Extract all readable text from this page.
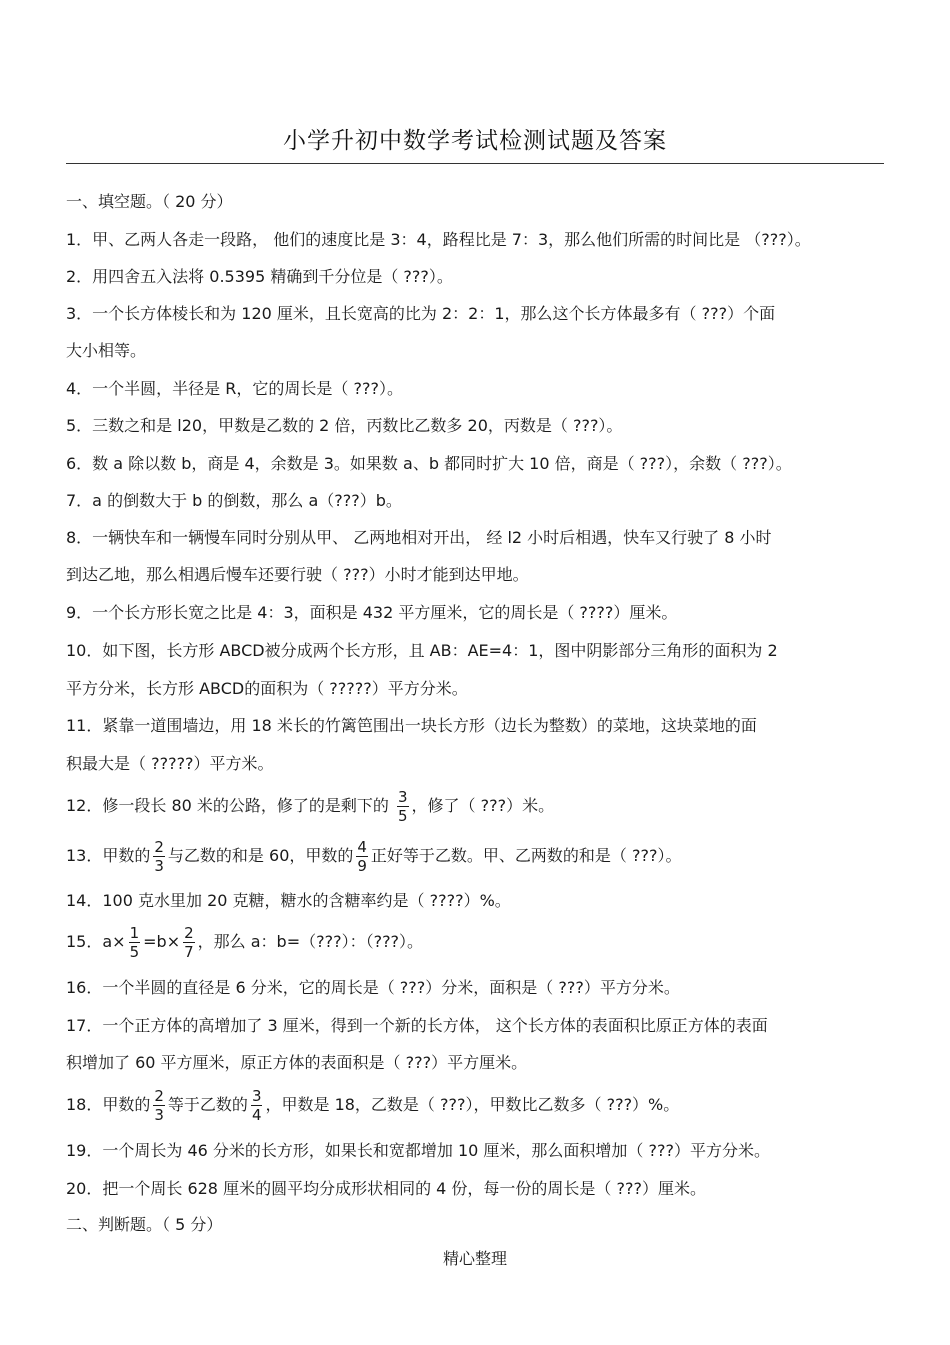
小学升初中数学考试检测试题及答案
一、填空题。（ 20 分）
1．甲、乙两人各走一段路， 他们的速度比是 3：4，路程比是 7：3，那么他们所需的时间比是 （???）。
2．用四舍五入法将 0.5395 精确到千分位是（ ???）。
3．一个长方体棱长和为 120 厘米，且长宽高的比为 2：2：1，那么这个长方体最多有（ ???）个面
大小相等。
4．一个半圆，半径是 R，它的周长是（ ???）。
5．三数之和是 l20，甲数是乙数的 2 倍，丙数比乙数多 20，丙数是（ ???）。
6．数 a 除以数 b，商是 4，余数是 3。如果数 a、b 都同时扩大 10 倍，商是（ ???），余数（ ???）。
7．a 的倒数大于 b 的倒数，那么 a（???）b。
8．一辆快车和一辆慢车同时分别从甲、 乙两地相对开出， 经 l2 小时后相遇，快车又行驶了 8 小时
到达乙地，那么相遇后慢车还要行驶（ ???）小时才能到达甲地。
9．一个长方形长宽之比是 4：3，面积是 432 平方厘米，它的周长是（ ????）厘米。
10．如下图，长方形 ABCD被分成两个长方形，且 AB：AE=4：1，图中阴影部分三角形的面积为 2
平方分米，长方形 ABCD的面积为（ ?????）平方分米。
11．紧靠一道围墙边，用 18 米长的竹篱笆围出一块长方形（边长为整数）的菜地，这块菜地的面
积最大是（ ?????）平方米。
12．修一段长 80 米的公路，修了的是剩下的 $\frac{3}{5}$ ，修了（ ???）米。
13．甲数的 $\frac{2}{3}$ 与乙数的和是 60，甲数的 $\frac{4}{9}$ 正好等于乙数。甲、乙两数的和是（ ???）。
14．100 克水里加 20 克糖，糖水的含糖率约是（ ????）%。
15．$a\times \frac{1}{5} =b\times \frac{2}{7}$ ，那么 a：b=（???）：（???）。
16．一个半圆的直径是 6 分米，它的周长是（ ???）分米，面积是（ ???）平方分米。
17．一个正方体的高增加了 3 厘米，得到一个新的长方体， 这个长方体的表面积比原正方体的表面
积增加了 60 平方厘米，原正方体的表面积是（ ???）平方厘米。
18．甲数的 $\frac{2}{3}$ 等于乙数的 $\frac{3}{4}$ ，甲数是 18，乙数是（ ???），甲数比乙数多（ ???）%。
19．一个周长为 46 分米的长方形，如果长和宽都增加 10 厘米，那么面积增加（ ???）平方分米。
20．把一个周长 628 厘米的圆平均分成形状相同的 4 份，每一份的周长是（ ???）厘米。
二、判断题。（ 5 分）
精心整理
